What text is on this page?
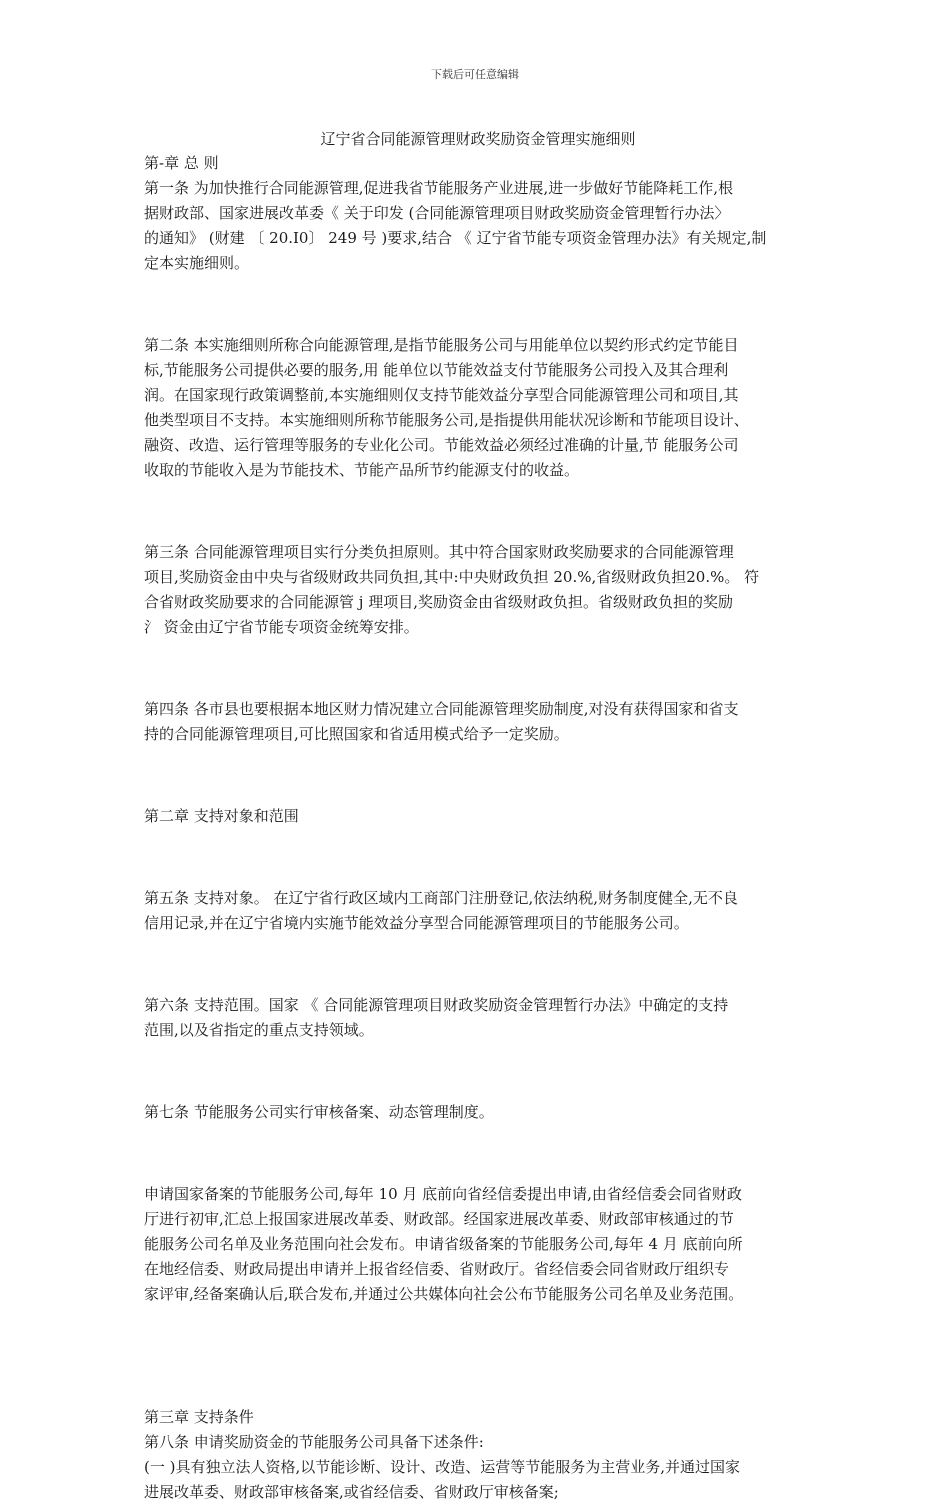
下载后可任意编辑

辽宁省合同能源管理财政奖励资金管理实施细则

第-章 总 则

第一条 为加快推行合同能源管理,促进我省节能服务产业进展,进一步做好节能降耗工作,根

据财政部、国家进展改革委《 关于印发 (合同能源管理项目财政奖励资金管理暂行办法〉

的通知》 (财建 〔 20.I0〕 249 号 )要求,结合 《 辽宁省节能专项资金管理办法》有关规定,制

定本实施细则。

第二条 本实施细则所称合向能源管理,是指节能服务公司与用能单位以契约形式约定节能目

标,节能服务公司提供必要的服务,用 能单位以节能效益支付节能服务公司投入及其合理利

润。在国家现行政策调整前,本实施细则仅支持节能效益分享型合同能源管理公司和项目,其

他类型项目不支持。本实施细则所称节能服务公司,是指提供用能状况诊断和节能项目设计、

融资、改造、运行管理等服务的专业化公司。节能效益必须经过准确的计量,节 能服务公司

收取的节能收入是为节能技术、节能产品所节约能源支付的收益。

第三条 合同能源管理项目实行分类负担原则。其中符合国家财政奖励要求的合同能源管理

项目,奖励资金由中央与省级财政共同负担,其中:中央财政负担 20.%,省级财政负担20.%。 符

合省财政奖励要求的合同能源管 j 理项目,奖励资金由省级财政负担。省级财政负担的奖励

氵 资金由辽宁省节能专项资金统筹安排。

第四条 各市县也要根据本地区财力情况建立合同能源管理奖励制度,对没有获得国家和省支

持的合同能源管理项目,可比照国家和省适用模式给予一定奖励。

第二章 支持对象和范围

第五条 支持对象。 在辽宁省行政区域内工商部门注册登记,依法纳税,财务制度健全,无不良

信用记录,并在辽宁省境内实施节能效益分享型合同能源管理项目的节能服务公司。

第六条 支持范围。国家 《 合同能源管理项目财政奖励资金管理暂行办法》中确定的支持

范围,以及省指定的重点支持领域。

第七条 节能服务公司实行审核备案、动态管理制度。

申请国家备案的节能服务公司,每年 10 月 底前向省经信委提出申请,由省经信委会同省财政

厅进行初审,汇总上报国家进展改革委、财政部。经国家进展改革委、财政部审核通过的节

能服务公司名单及业务范围向社会发布。申请省级备案的节能服务公司,每年 4 月 底前向所

在地经信委、财政局提出申请并上报省经信委、省财政厅。省经信委会同省财政厅组织专

家评审,经备案确认后,联合发布,并通过公共媒体向社会公布节能服务公司名单及业务范围。

第三章 支持条件

第八条 申请奖励资金的节能服务公司具备下述条件:

(一 )具有独立法人资格,以节能诊断、设计、改造、运营等节能服务为主营业务,并通过国家

进展改革委、财政部审核备案,或省经信委、省财政厅审核备案;
